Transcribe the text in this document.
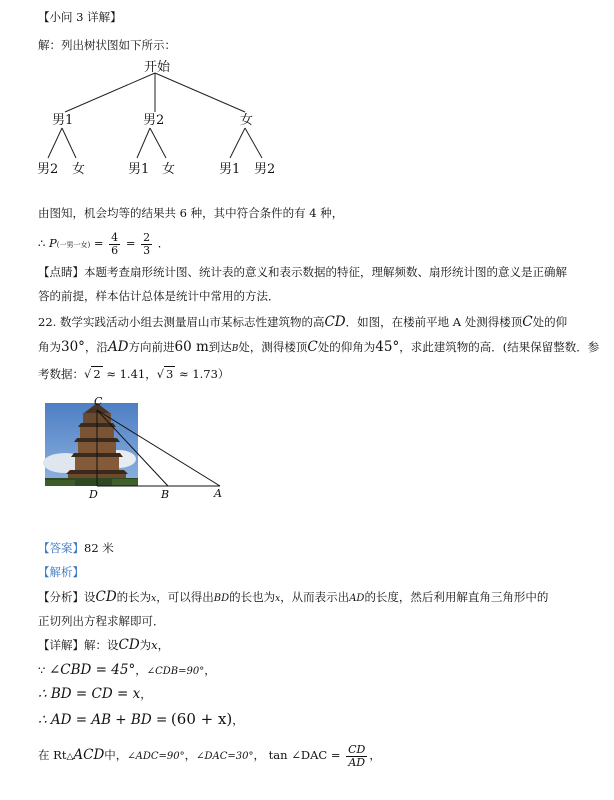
【小问 3 详解】
解：列出树状图如下所示：
开始
男1	男2	女
男2 女	男1 女	男1 男2
由图知，机会均等的结果共 6 种，其中符合条件的有 4 种，
∴ P(一男一女) = $\frac{4}{6} = \frac{2}{3}$ ．
【点睛】本题考查扇形统计图、统计表的意义和表示数据的特征，理解频数、扇形统计图的意义是正确解
答的前提，样本估计总体是统计中常用的方法．
22. 数学实践活动小组去测量眉山市某标志性建筑物的高CD．如图，在楼前平地 A 处测得楼顶C处的仰
角为30°，沿AD方向前进60 m到达B处，测得楼顶C处的仰角为45°，求此建筑物的高．(结果保留整数．参
考数据：√ 2 ≈ 1.41，√ 3 ≈ 1.73）
C
D	B	A
【答案】82 米
【解析】
【分析】设CD的长为x，可以得出BD的长也为x，从而表示出AD的长度，然后利用解直角三角形中的
正切列出方程求解即可．
【详解】解：设CD为x，
∵ ∠CBD = 45°，∠CDB=90°，
∴ BD = CD = x，
∴ AD = AB + BD = (60 + x)，
在 Rt△ACD中，∠ADC=90°，∠DAC=30°， tan ∠DAC = $\frac{CD}{AD}$ ，
